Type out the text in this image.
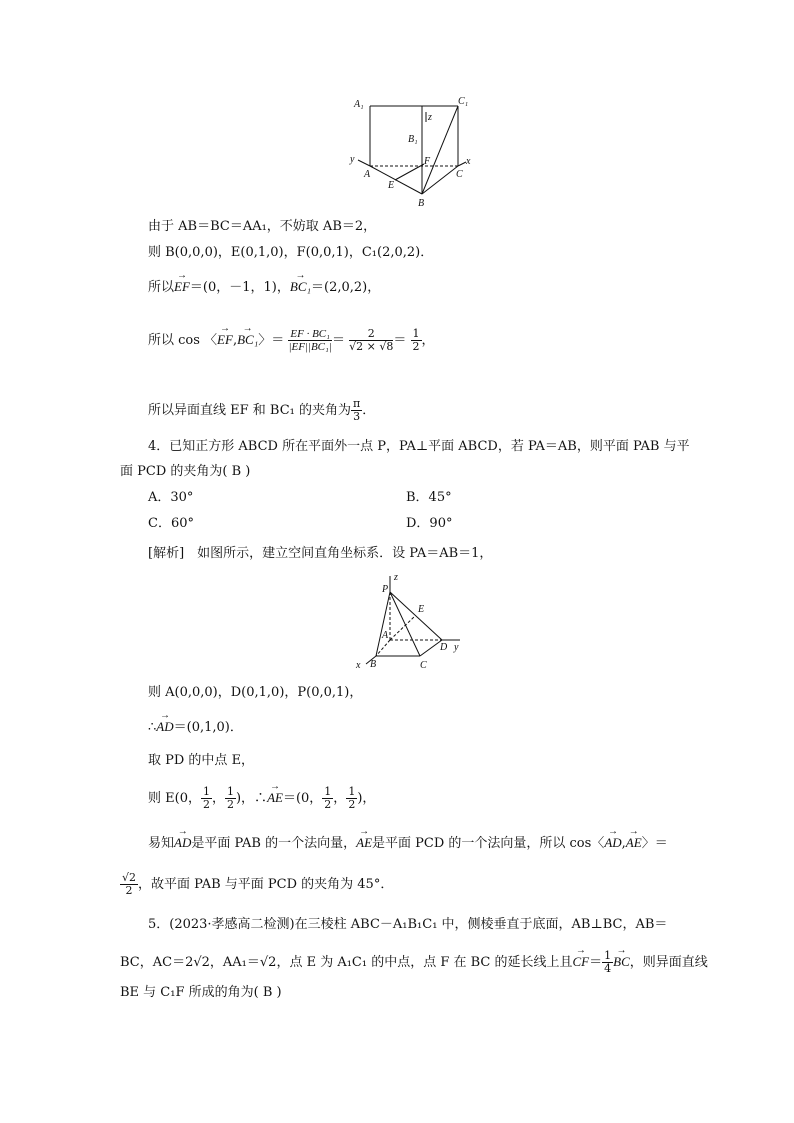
A₁	C₁
B₁
z
y	x
F
A
E
C
B
由于 AB＝BC＝AA₁，不妨取 AB＝2，
则 B(0,0,0)，E(0,1,0)，F(0,0,1)，C₁(2,0,2)．
所以→ EF＝(0，－1，1)，→ BC₁＝(2,0,2)，
所以 cos 〈→ EF,→ BC₁〉＝ $\frac{\text{EF · BC₁}}{\text{|EF||BC₁|}} = \frac{2}{√2 \times √8} = \frac{1}{2}$ ，
所以异面直线 EF 和 BC₁ 的夹角为 $\frac{\pi}{3}$ ．
4．已知正方形 ABCD 所在平面外一点 P，PA⊥平面 ABCD，若 PA＝AB，则平面 PAB 与平
面 PCD 的夹角为( B )
A．30°	B．45°
C．60°	D．90°
[解析]　如图所示，建立空间直角坐标系．设 PA＝AB＝1，
z
P
E
A
D y
x B	C
则 A(0,0,0)，D(0,1,0)，P(0,0,1)，
∴→ AD＝(0,1,0)．
取 PD 的中点 E，
则 E(0， $\frac{1}{2}$ ， $\frac{1}{2}$ )，∴→ AE＝(0， $\frac{1}{2}$ ， $\frac{1}{2}$ )，
易知→ AD是平面 PAB 的一个法向量，→ AE是平面 PCD 的一个法向量，所以 cos〈→ AD,→ AE〉＝
$\frac{√2}{2}$ ，故平面 PAB 与平面 PCD 的夹角为 45°．
5．(2023·孝感高二检测)在三棱柱 ABC－A₁B₁C₁ 中，侧棱垂直于底面，AB⊥BC，AB＝
BC，AC＝2√2，AA₁＝√2，点 E 为 A₁C₁ 的中点，点 F 在 BC 的延长线上且→ $CF= \frac{1}{4}$
→ BC，则异面直线
BE 与 C₁F 所成的角为( B )
